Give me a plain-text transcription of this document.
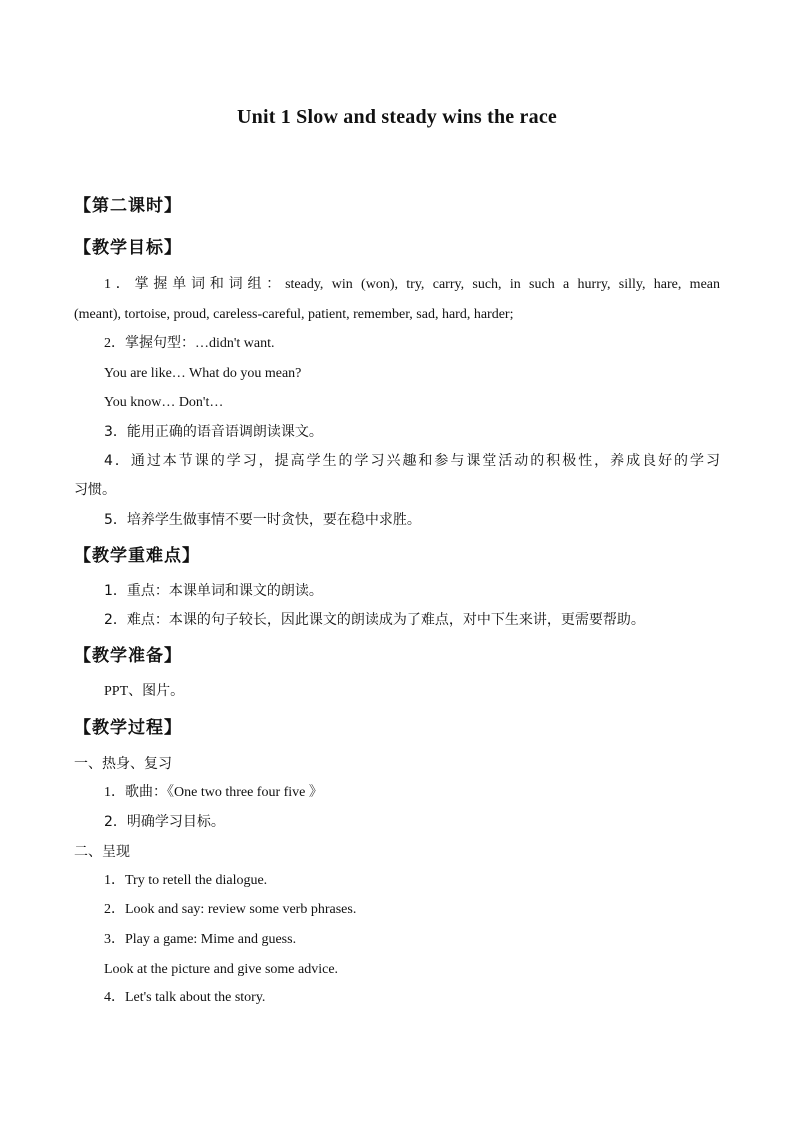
Unit 1 Slow and steady wins the race
【第二课时】
【教学目标】
1．掌握单词和词组：steady, win (won), try, carry, such, in such a hurry, silly, hare, mean
(meant), tortoise, proud, careless-careful, patient, remember, sad, hard, harder;
2．掌握句型：…didn't want.
You are like… What do you mean?
You know… Don't…
3．能用正确的语音语调朗读课文。
4．通过本节课的学习，提高学生的学习兴趣和参与课堂活动的积极性，养成良好的学习
习惯。
5．培养学生做事情不要一时贪快，要在稳中求胜。
【教学重难点】
1．重点：本课单词和课文的朗读。
2．难点：本课的句子较长，因此课文的朗读成为了难点，对中下生来讲，更需要帮助。
【教学准备】
PPT、图片。
【教学过程】
一、热身、复习
1．歌曲：《One two three four five 》
2．明确学习目标。
二、呈现
1．Try to retell the dialogue.
2．Look and say: review some verb phrases.
3．Play a game: Mime and guess.
Look at the picture and give some advice.
4．Let's talk about the story.
